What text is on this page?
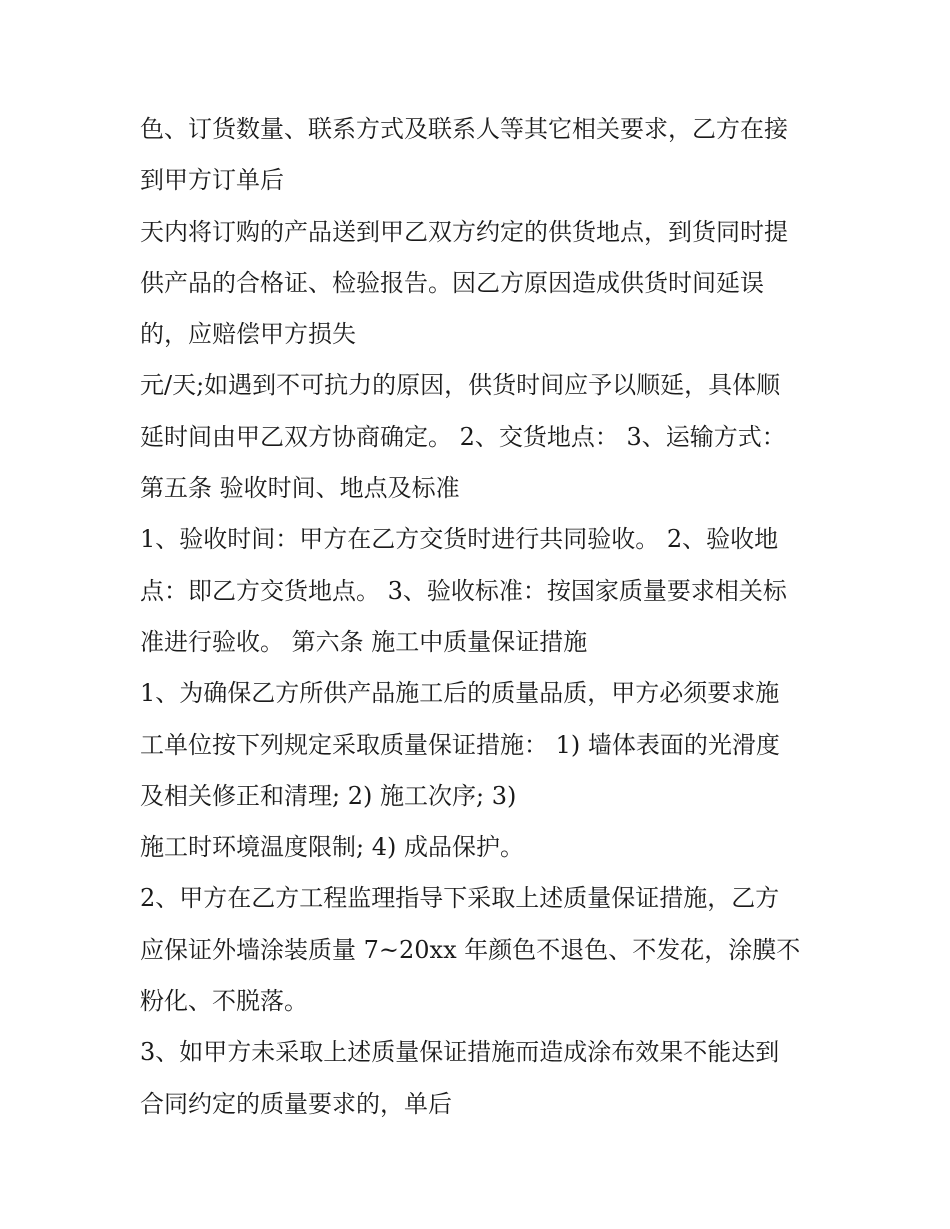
色、订货数量、联系方式及联系人等其它相关要求，乙方在接
到甲方订单后
天内将订购的产品送到甲乙双方约定的供货地点，到货同时提
供产品的合格证、检验报告。因乙方原因造成供货时间延误
的，应赔偿甲方损失
元/天;如遇到不可抗力的原因，供货时间应予以顺延，具体顺
延时间由甲乙双方协商确定。 2、交货地点： 3、运输方式：
第五条 验收时间、地点及标准
1、验收时间：甲方在乙方交货时进行共同验收。 2、验收地
点：即乙方交货地点。 3、验收标准：按国家质量要求相关标
准进行验收。 第六条 施工中质量保证措施
1、为确保乙方所供产品施工后的质量品质，甲方必须要求施
工单位按下列规定采取质量保证措施： 1) 墙体表面的光滑度
及相关修正和清理; 2) 施工次序; 3)
施工时环境温度限制; 4) 成品保护。
2、甲方在乙方工程监理指导下采取上述质量保证措施，乙方
应保证外墙涂装质量 7~20xx 年颜色不退色、不发花，涂膜不
粉化、不脱落。
3、如甲方未采取上述质量保证措施而造成涂布效果不能达到
合同约定的质量要求的，单后
